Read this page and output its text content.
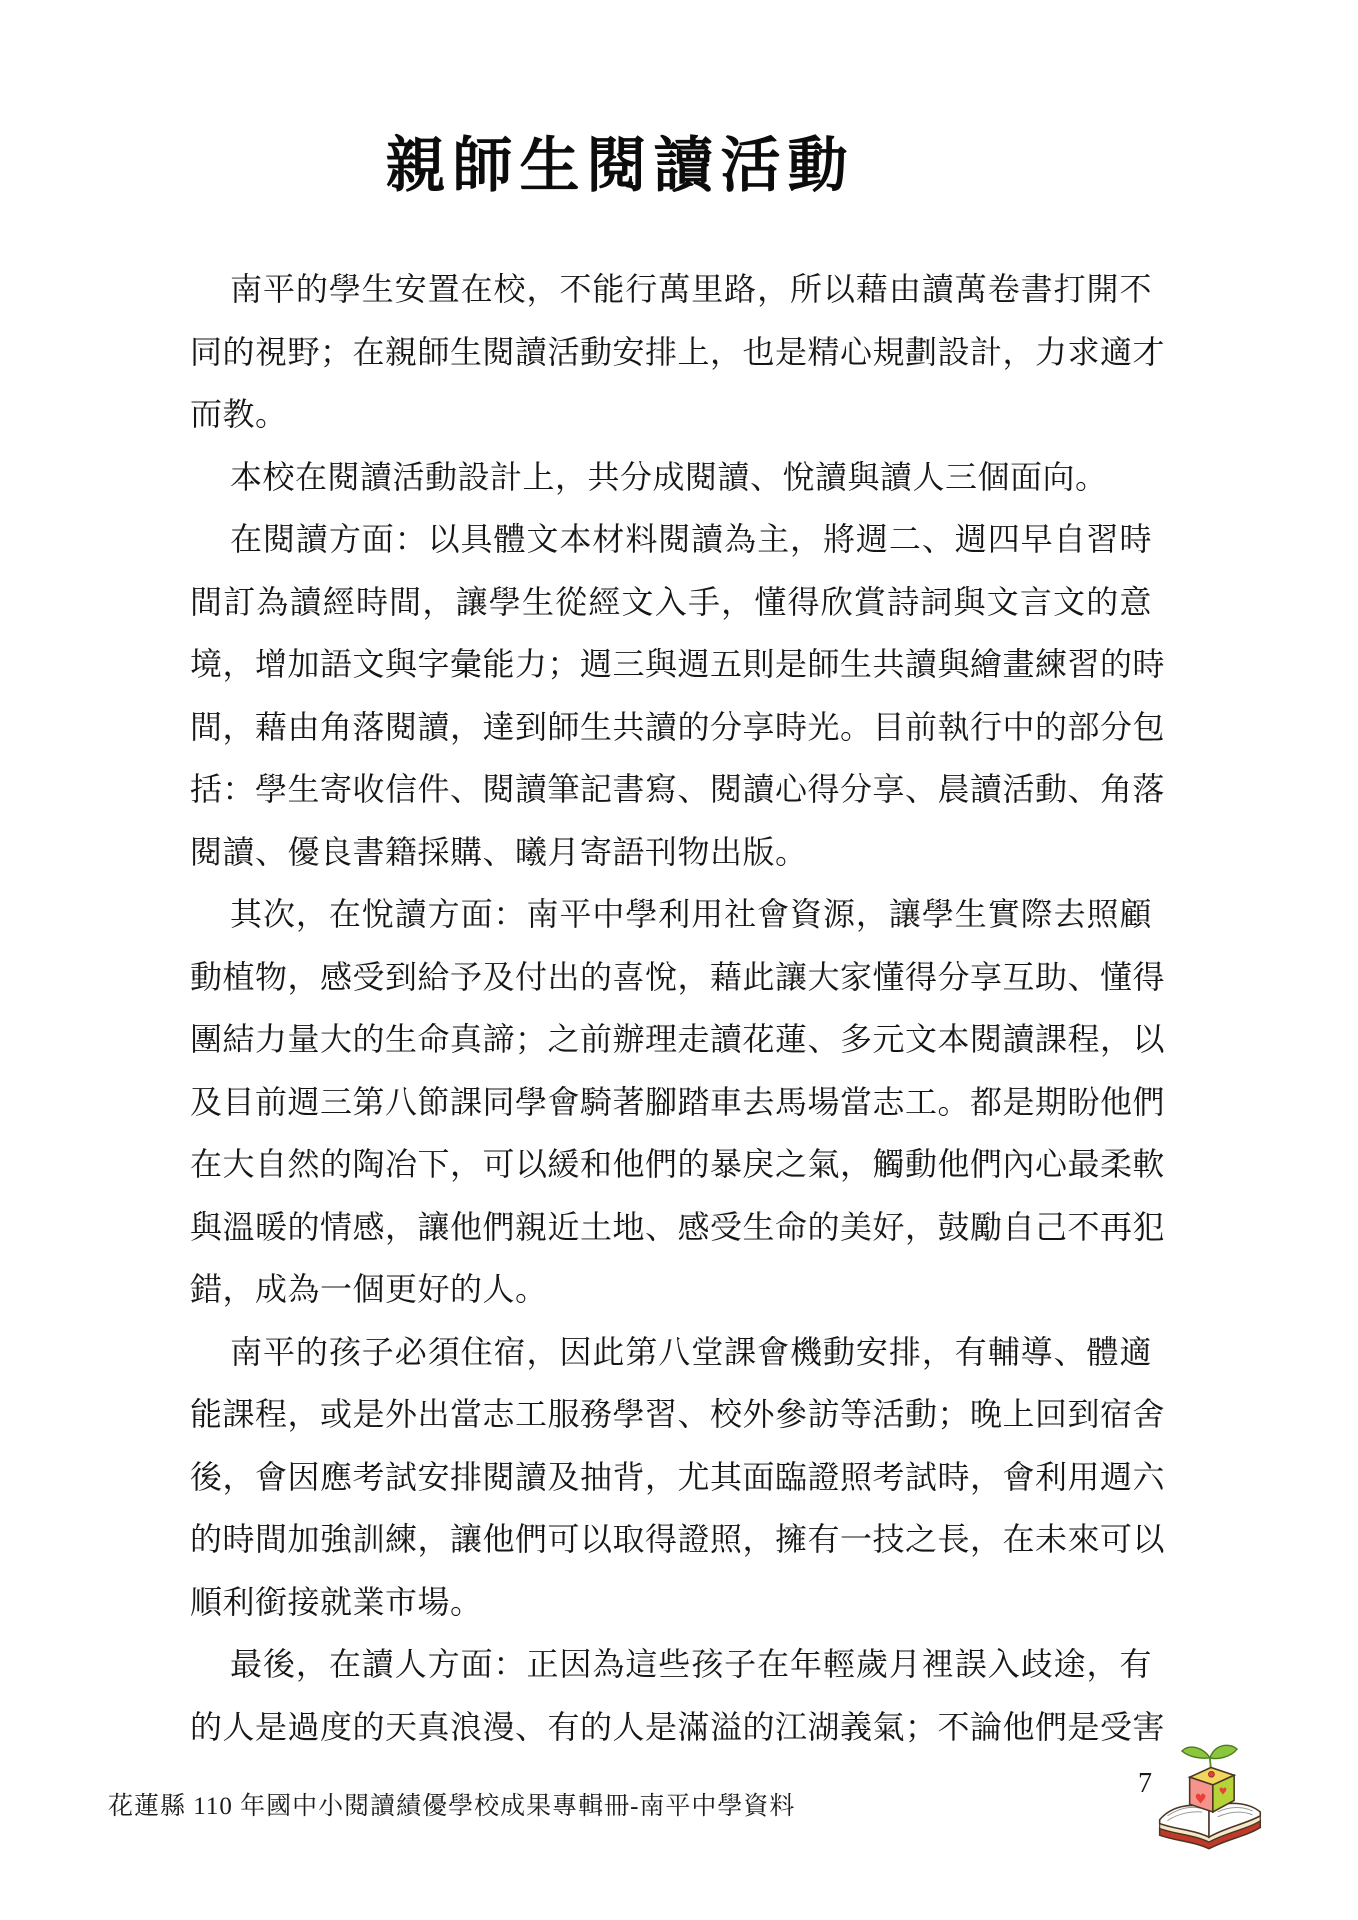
親師生閱讀活動
南平的學生安置在校，不能行萬里路，所以藉由讀萬卷書打開不
同的視野；在親師生閱讀活動安排上，也是精心規劃設計，力求適才
而教。
本校在閱讀活動設計上，共分成閱讀、悅讀與讀人三個面向。
在閱讀方面：以具體文本材料閱讀為主，將週二、週四早自習時
間訂為讀經時間，讓學生從經文入手，懂得欣賞詩詞與文言文的意
境，增加語文與字彙能力；週三與週五則是師生共讀與繪畫練習的時
間，藉由角落閱讀，達到師生共讀的分享時光。目前執行中的部分包
括：學生寄收信件、閱讀筆記書寫、閱讀心得分享、晨讀活動、角落
閱讀、優良書籍採購、曦月寄語刊物出版。
其次，在悅讀方面：南平中學利用社會資源，讓學生實際去照顧
動植物，感受到給予及付出的喜悅，藉此讓大家懂得分享互助、懂得
團結力量大的生命真諦；之前辦理走讀花蓮、多元文本閱讀課程，以
及目前週三第八節課同學會騎著腳踏車去馬場當志工。都是期盼他們
在大自然的陶冶下，可以緩和他們的暴戾之氣，觸動他們內心最柔軟
與溫暖的情感，讓他們親近土地、感受生命的美好，鼓勵自己不再犯
錯，成為一個更好的人。
南平的孩子必須住宿，因此第八堂課會機動安排，有輔導、體適
能課程，或是外出當志工服務學習、校外參訪等活動；晚上回到宿舍
後，會因應考試安排閱讀及抽背，尤其面臨證照考試時，會利用週六
的時間加強訓練，讓他們可以取得證照，擁有一技之長，在未來可以
順利銜接就業市場。
最後，在讀人方面：正因為這些孩子在年輕歲月裡誤入歧途，有
的人是過度的天真浪漫、有的人是滿溢的江湖義氣；不論他們是受害
花蓮縣 110 年國中小閱讀績優學校成果專輯冊-南平中學資料
7
♥ ♥
